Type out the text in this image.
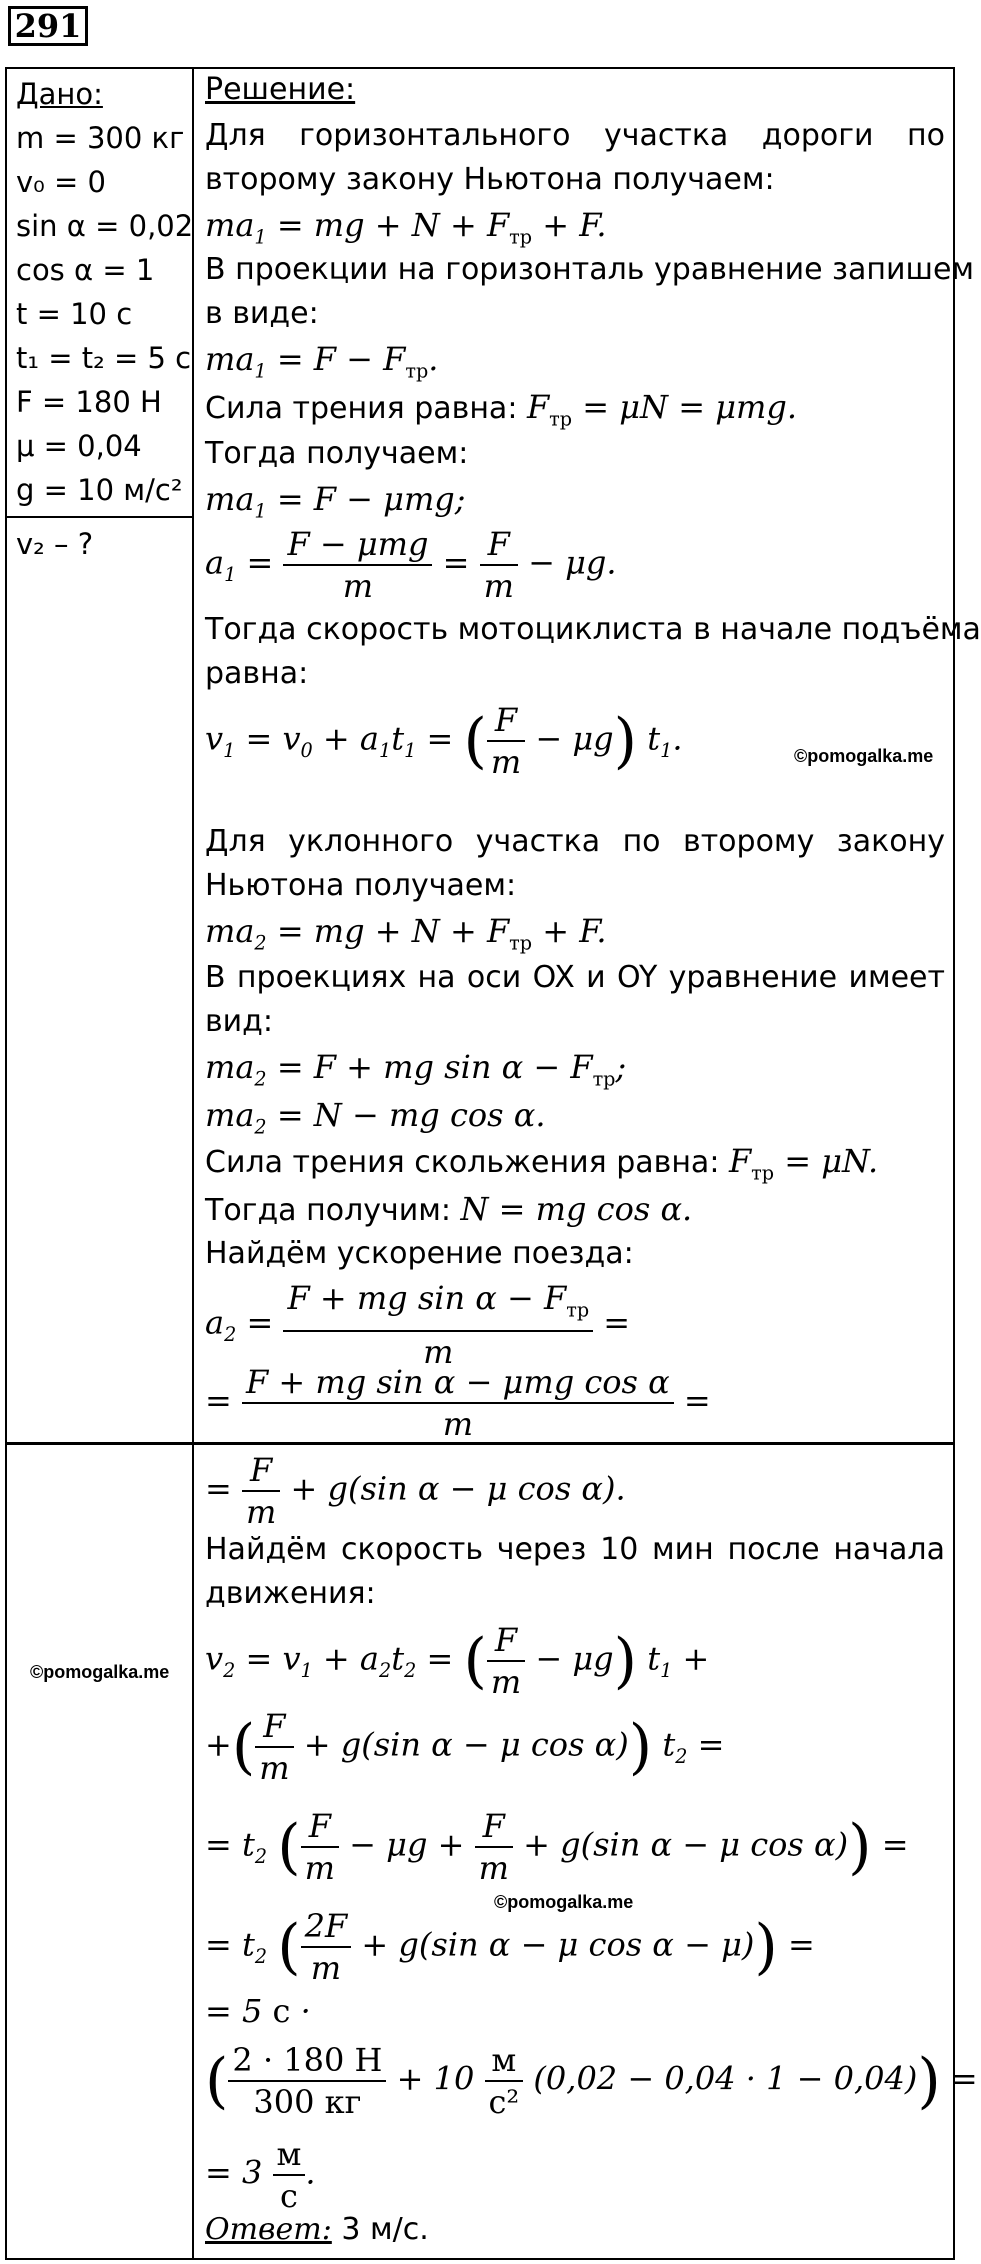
291
Дано:
m = 300 кг
v₀ = 0
sin α = 0,02
cos α = 1
t = 10 с
t₁ = t₂ = 5 с
F = 180 Н
μ = 0,04
g = 10 м/с²
v₂ – ?
Решение:
Для горизонтального участка дороги по
второму закону Ньютона получаем:
$ma_1$ = mg + $N + F_{тр} + F$.
В проекции на горизонталь уравнение запишем
в виде:
$ma_1 = F - F_{тр}$.
Сила трения равна: $F_{тр} = \mu N = \mu mg$.
Тогда получаем:
$ma_1 = F - \mu mg$;
$a_1 = F - \mu mg$
m
= $\frac{F}{m} - \mu g$.
Тогда скорость мотоциклиста в начале подъёма
равна:
$v_1 = v_0 + a_1t_1$ = ( $\frac{F}{m} - \mu g$) $t_1$.
Для уклонного участка по второму закону
Ньютона получаем:
$ma_2$ = mg + $N + F_{тр} + F$.
В проекциях на оси OX и OY уравнение имеет
вид:
$ma_2 = F$ + mg $\sin \alpha - F_{тр}$;
$ma_2 = N$ − mg cos α.
Сила трения скольжения равна: $F_{тр} = \mu N$.
Тогда получим: N = mg cos α.
Найдём ускорение поезда:
$a_2$ =
F + mg $\sin \alpha - F_{тр}$
m
=
= F + mg sin α − μmg cos α
m
=
= $\frac{F}{m} + g(\sin$ α − μ cos α).
Найдём скорость через 10 мин после начала
движения:
$v_2 = v_1 + a_2t_2$ = ( $\frac{F}{m} - \mu g$) $t_1$ +
+( $\frac{F}{m} + g(\sin$ α − μ cos α)) $t_2$ =
= $t_2$ ( $\frac{F}{m} - \mu g + \frac{F}{m} + g(\sin$ α − μ cos α)) =
= $t_2$ ( $\frac{2F}{m} + g(\sin$ α − μ cos α − μ)) =
= 5 с ·
( 2 · 180 Н
300 кг
+ 10 м
с²
(0,02 − 0,04 · 1 − 0,04)) =
= 3 м
с
.
Ответ: 3 м/с.
©pomogalka.me
©pomogalka.me
©pomogalka.me
